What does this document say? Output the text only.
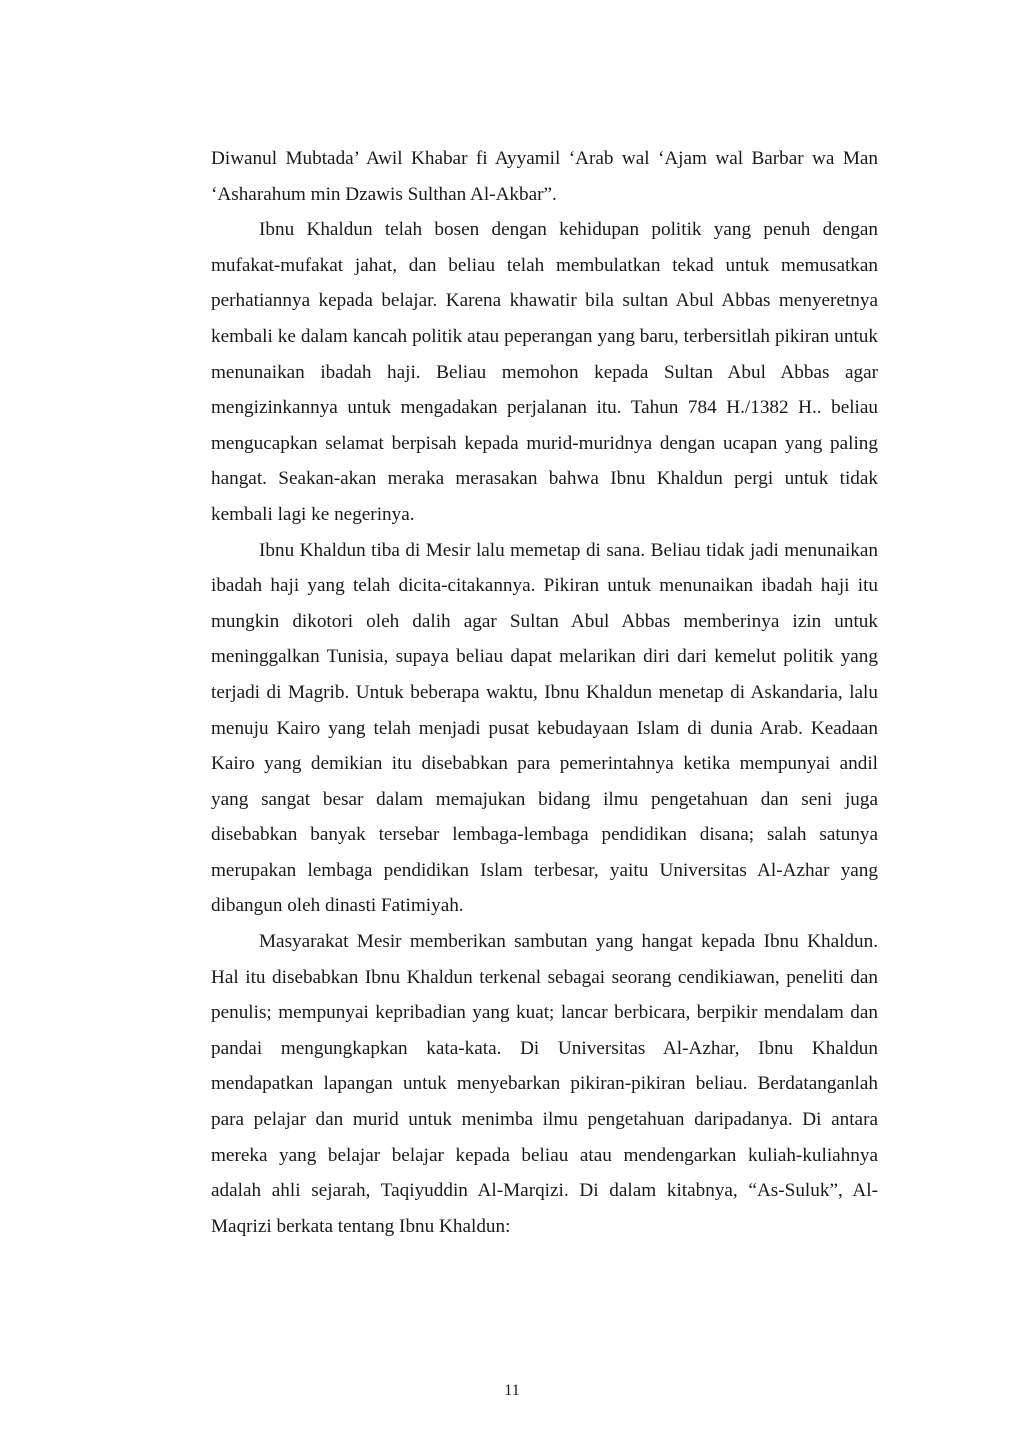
Diwanul Mubtada’ Awil Khabar fi Ayyamil ‘Arab wal ‘Ajam wal Barbar wa Man ‘Asharahum min Dzawis Sulthan Al-Akbar”.

Ibnu Khaldun telah bosen dengan kehidupan politik yang penuh dengan mufakat-mufakat jahat, dan beliau telah membulatkan tekad untuk memusatkan perhatiannya kepada belajar. Karena khawatir bila sultan Abul Abbas menyeretnya kembali ke dalam kancah politik atau peperangan yang baru, terbersitlah pikiran untuk menunaikan ibadah haji. Beliau memohon kepada Sultan Abul Abbas agar mengizinkannya untuk mengadakan perjalanan itu. Tahun 784 H./1382 H.. beliau mengucapkan selamat berpisah kepada murid-muridnya dengan ucapan yang paling hangat. Seakan-akan meraka merasakan bahwa Ibnu Khaldun pergi untuk tidak kembali lagi ke negerinya.

Ibnu Khaldun tiba di Mesir lalu memetap di sana. Beliau tidak jadi menunaikan ibadah haji yang telah dicita-citakannya. Pikiran untuk menunaikan ibadah haji itu mungkin dikotori oleh dalih agar Sultan Abul Abbas memberinya izin untuk meninggalkan Tunisia, supaya beliau dapat melarikan diri dari kemelut politik yang terjadi di Magrib. Untuk beberapa waktu, Ibnu Khaldun menetap di Askandaria, lalu menuju Kairo yang telah menjadi pusat kebudayaan Islam di dunia Arab. Keadaan Kairo yang demikian itu disebabkan para pemerintahnya ketika mempunyai andil yang sangat besar dalam memajukan bidang ilmu pengetahuan dan seni juga disebabkan banyak tersebar lembaga-lembaga pendidikan disana; salah satunya merupakan lembaga pendidikan Islam terbesar, yaitu Universitas Al-Azhar yang dibangun oleh dinasti Fatimiyah.

Masyarakat Mesir memberikan sambutan yang hangat kepada Ibnu Khaldun. Hal itu disebabkan Ibnu Khaldun terkenal sebagai seorang cendikiawan, peneliti dan penulis; mempunyai kepribadian yang kuat; lancar berbicara, berpikir mendalam dan pandai mengungkapkan kata-kata. Di Universitas Al-Azhar, Ibnu Khaldun mendapatkan lapangan untuk menyebarkan pikiran-pikiran beliau. Berdatanganlah para pelajar dan murid untuk menimba ilmu pengetahuan daripadanya. Di antara mereka yang belajar belajar kepada beliau atau mendengarkan kuliah-kuliahnya adalah ahli sejarah, Taqiyuddin Al-Marqizi. Di dalam kitabnya, “As-Suluk”, Al-Maqrizi berkata tentang Ibnu Khaldun:

11
